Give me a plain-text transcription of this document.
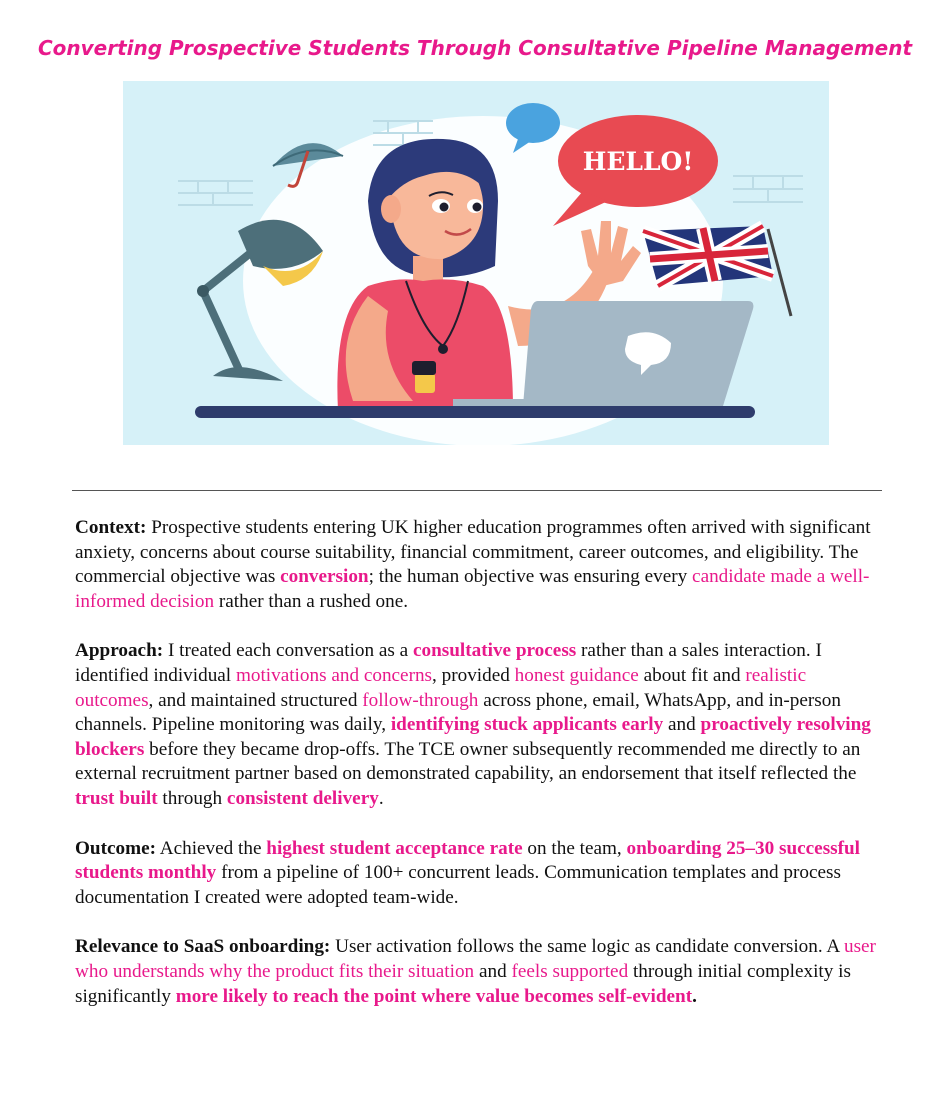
Converting Prospective Students Through Consultative Pipeline Management
HELLO!

Context: Prospective students entering UK higher education programmes often arrived with significant anxiety, concerns about course suitability, financial commitment, career outcomes, and eligibility. The commercial objective was conversion; the human objective was ensuring every candidate made a well-informed decision rather than a rushed one.

Approach: I treated each conversation as a consultative process rather than a sales interaction. I identified individual motivations and concerns, provided honest guidance about fit and realistic outcomes, and maintained structured follow-through across phone, email, WhatsApp, and in-person channels. Pipeline monitoring was daily, identifying stuck applicants early and proactively resolving blockers before they became drop-offs. The TCE owner subsequently recommended me directly to an external recruitment partner based on demonstrated capability, an endorsement that itself reflected the trust built through consistent delivery.

Outcome: Achieved the highest student acceptance rate on the team, onboarding 25–30 successful students monthly from a pipeline of 100+ concurrent leads. Communication templates and process documentation I created were adopted team-wide.

Relevance to SaaS onboarding: User activation follows the same logic as candidate conversion. A user who understands why the product fits their situation and feels supported through initial complexity is significantly more likely to reach the point where value becomes self-evident.
